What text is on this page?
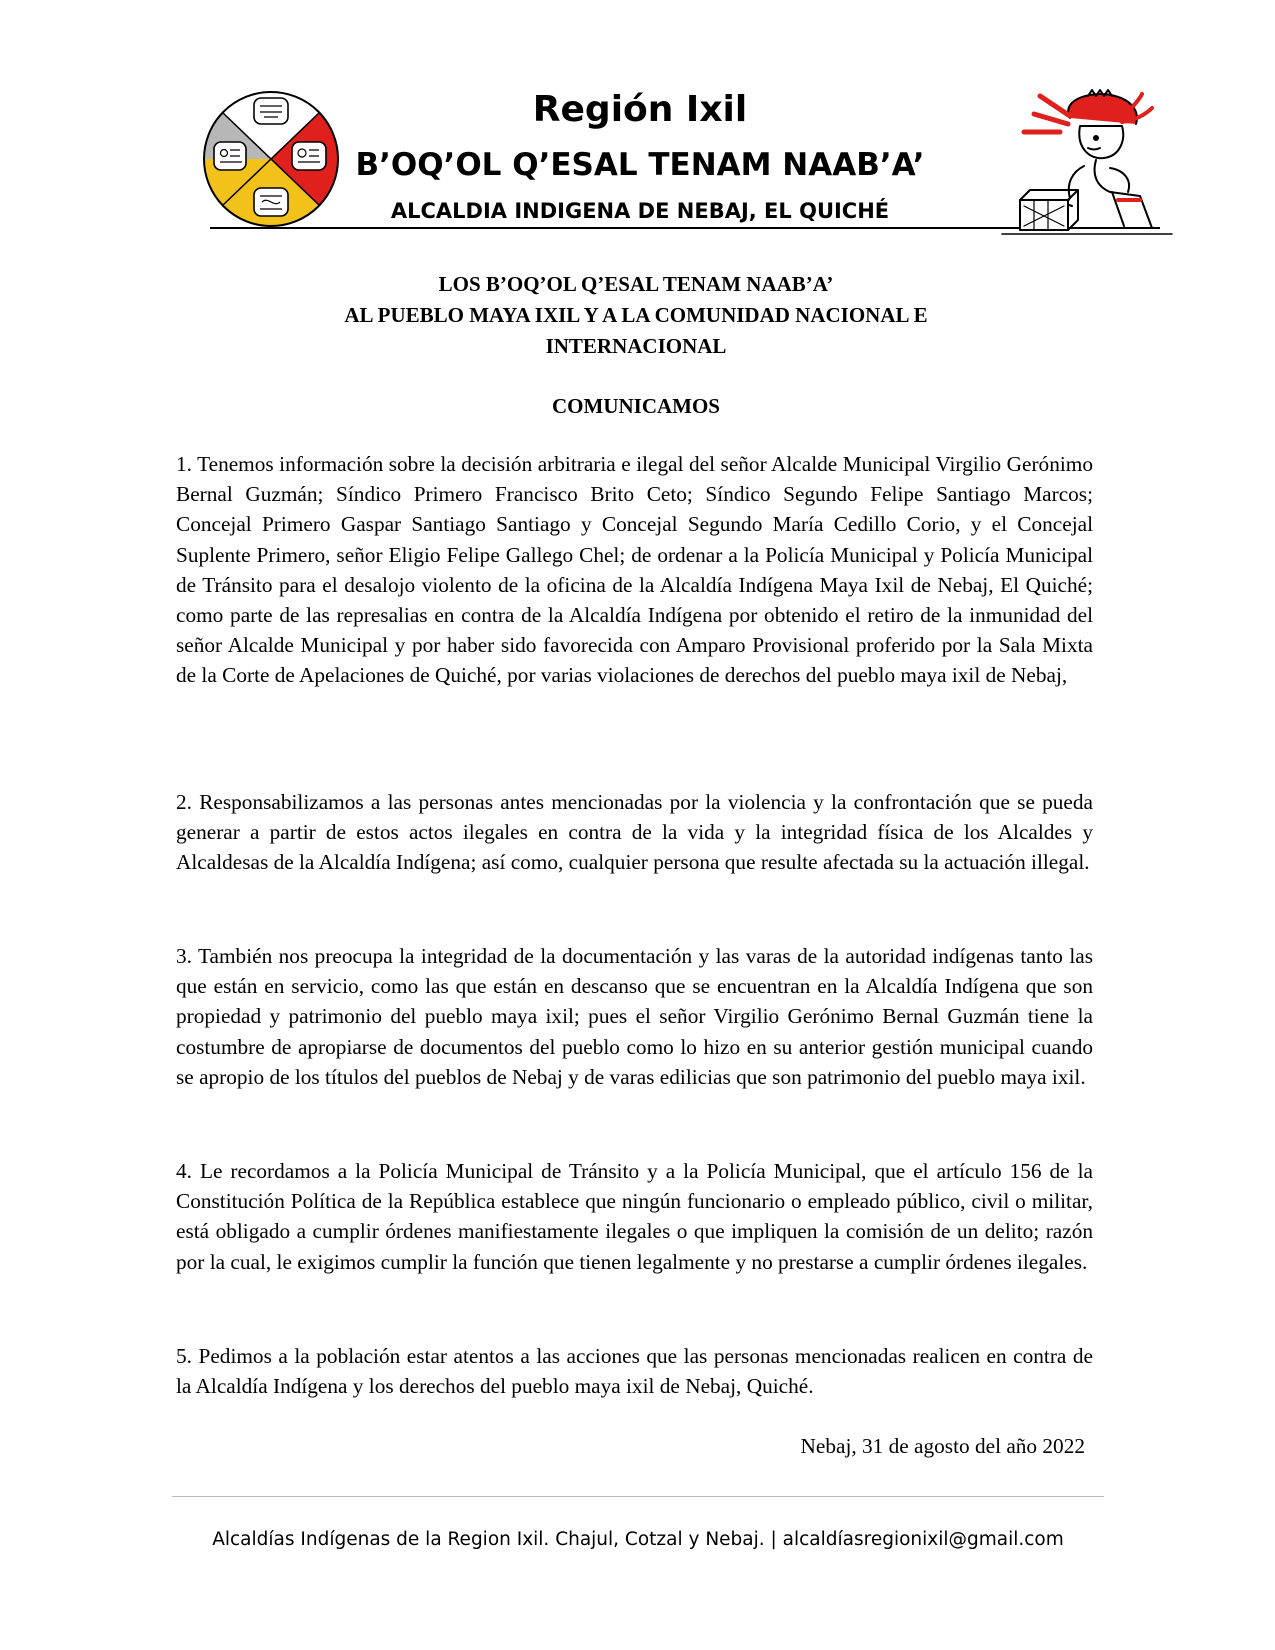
Región Ixil
B’OQ’OL Q’ESAL TENAM NAAB’A’
ALCALDIA INDIGENA DE NEBAJ, EL QUICHÉ
LOS B’OQ’OL Q’ESAL TENAM NAAB’A’
AL PUEBLO MAYA IXIL Y A LA COMUNIDAD NACIONAL E
INTERNACIONAL
COMUNICAMOS
1. Tenemos información sobre la decisión arbitraria e ilegal del señor Alcalde Municipal Virgilio Gerónimo Bernal Guzmán; Síndico Primero Francisco Brito Ceto; Síndico Segundo Felipe Santiago Marcos; Concejal Primero Gaspar Santiago Santiago y Concejal Segundo María Cedillo Corio, y el Concejal Suplente Primero, señor Eligio Felipe Gallego Chel; de ordenar a la Policía Municipal y Policía Municipal de Tránsito para el desalojo violento de la oficina de la Alcaldía Indígena Maya Ixil de Nebaj, El Quiché; como parte de las represalias en contra de la Alcaldía Indígena por obtenido el retiro de la inmunidad del señor Alcalde Municipal y por haber sido favorecida con Amparo Provisional proferido por la Sala Mixta de la Corte de Apelaciones de Quiché, por varias violaciones de derechos del pueblo maya ixil de Nebaj,
2. Responsabilizamos a las personas antes mencionadas por la violencia y la confrontación que se pueda generar a partir de estos actos ilegales en contra de la vida y la integridad física de los Alcaldes y Alcaldesas de la Alcaldía Indígena; así como, cualquier persona que resulte afectada su la actuación illegal.
3. También nos preocupa la integridad de la documentación y las varas de la autoridad indígenas tanto las que están en servicio, como las que están en descanso que se encuentran en la Alcaldía Indígena que son propiedad y patrimonio del pueblo maya ixil; pues el señor Virgilio Gerónimo Bernal Guzmán tiene la costumbre de apropiarse de documentos del pueblo como lo hizo en su anterior gestión municipal cuando se apropio de los títulos del pueblos de Nebaj y de varas edilicias que son patrimonio del pueblo maya ixil.
4. Le recordamos a la Policía Municipal de Tránsito y a la Policía Municipal, que el artículo 156 de la Constitución Política de la República establece que ningún funcionario o empleado público, civil o militar, está obligado a cumplir órdenes manifiestamente ilegales o que impliquen la comisión de un delito; razón por la cual, le exigimos cumplir la función que tienen legalmente y no prestarse a cumplir órdenes ilegales.
5. Pedimos a la población estar atentos a las acciones que las personas mencionadas realicen en contra de la Alcaldía Indígena y los derechos del pueblo maya ixil de Nebaj, Quiché.
Nebaj, 31 de agosto del año 2022
Alcaldías Indígenas de la Region Ixil. Chajul, Cotzal y Nebaj. | alcaldíasregionixil@gmail.com
